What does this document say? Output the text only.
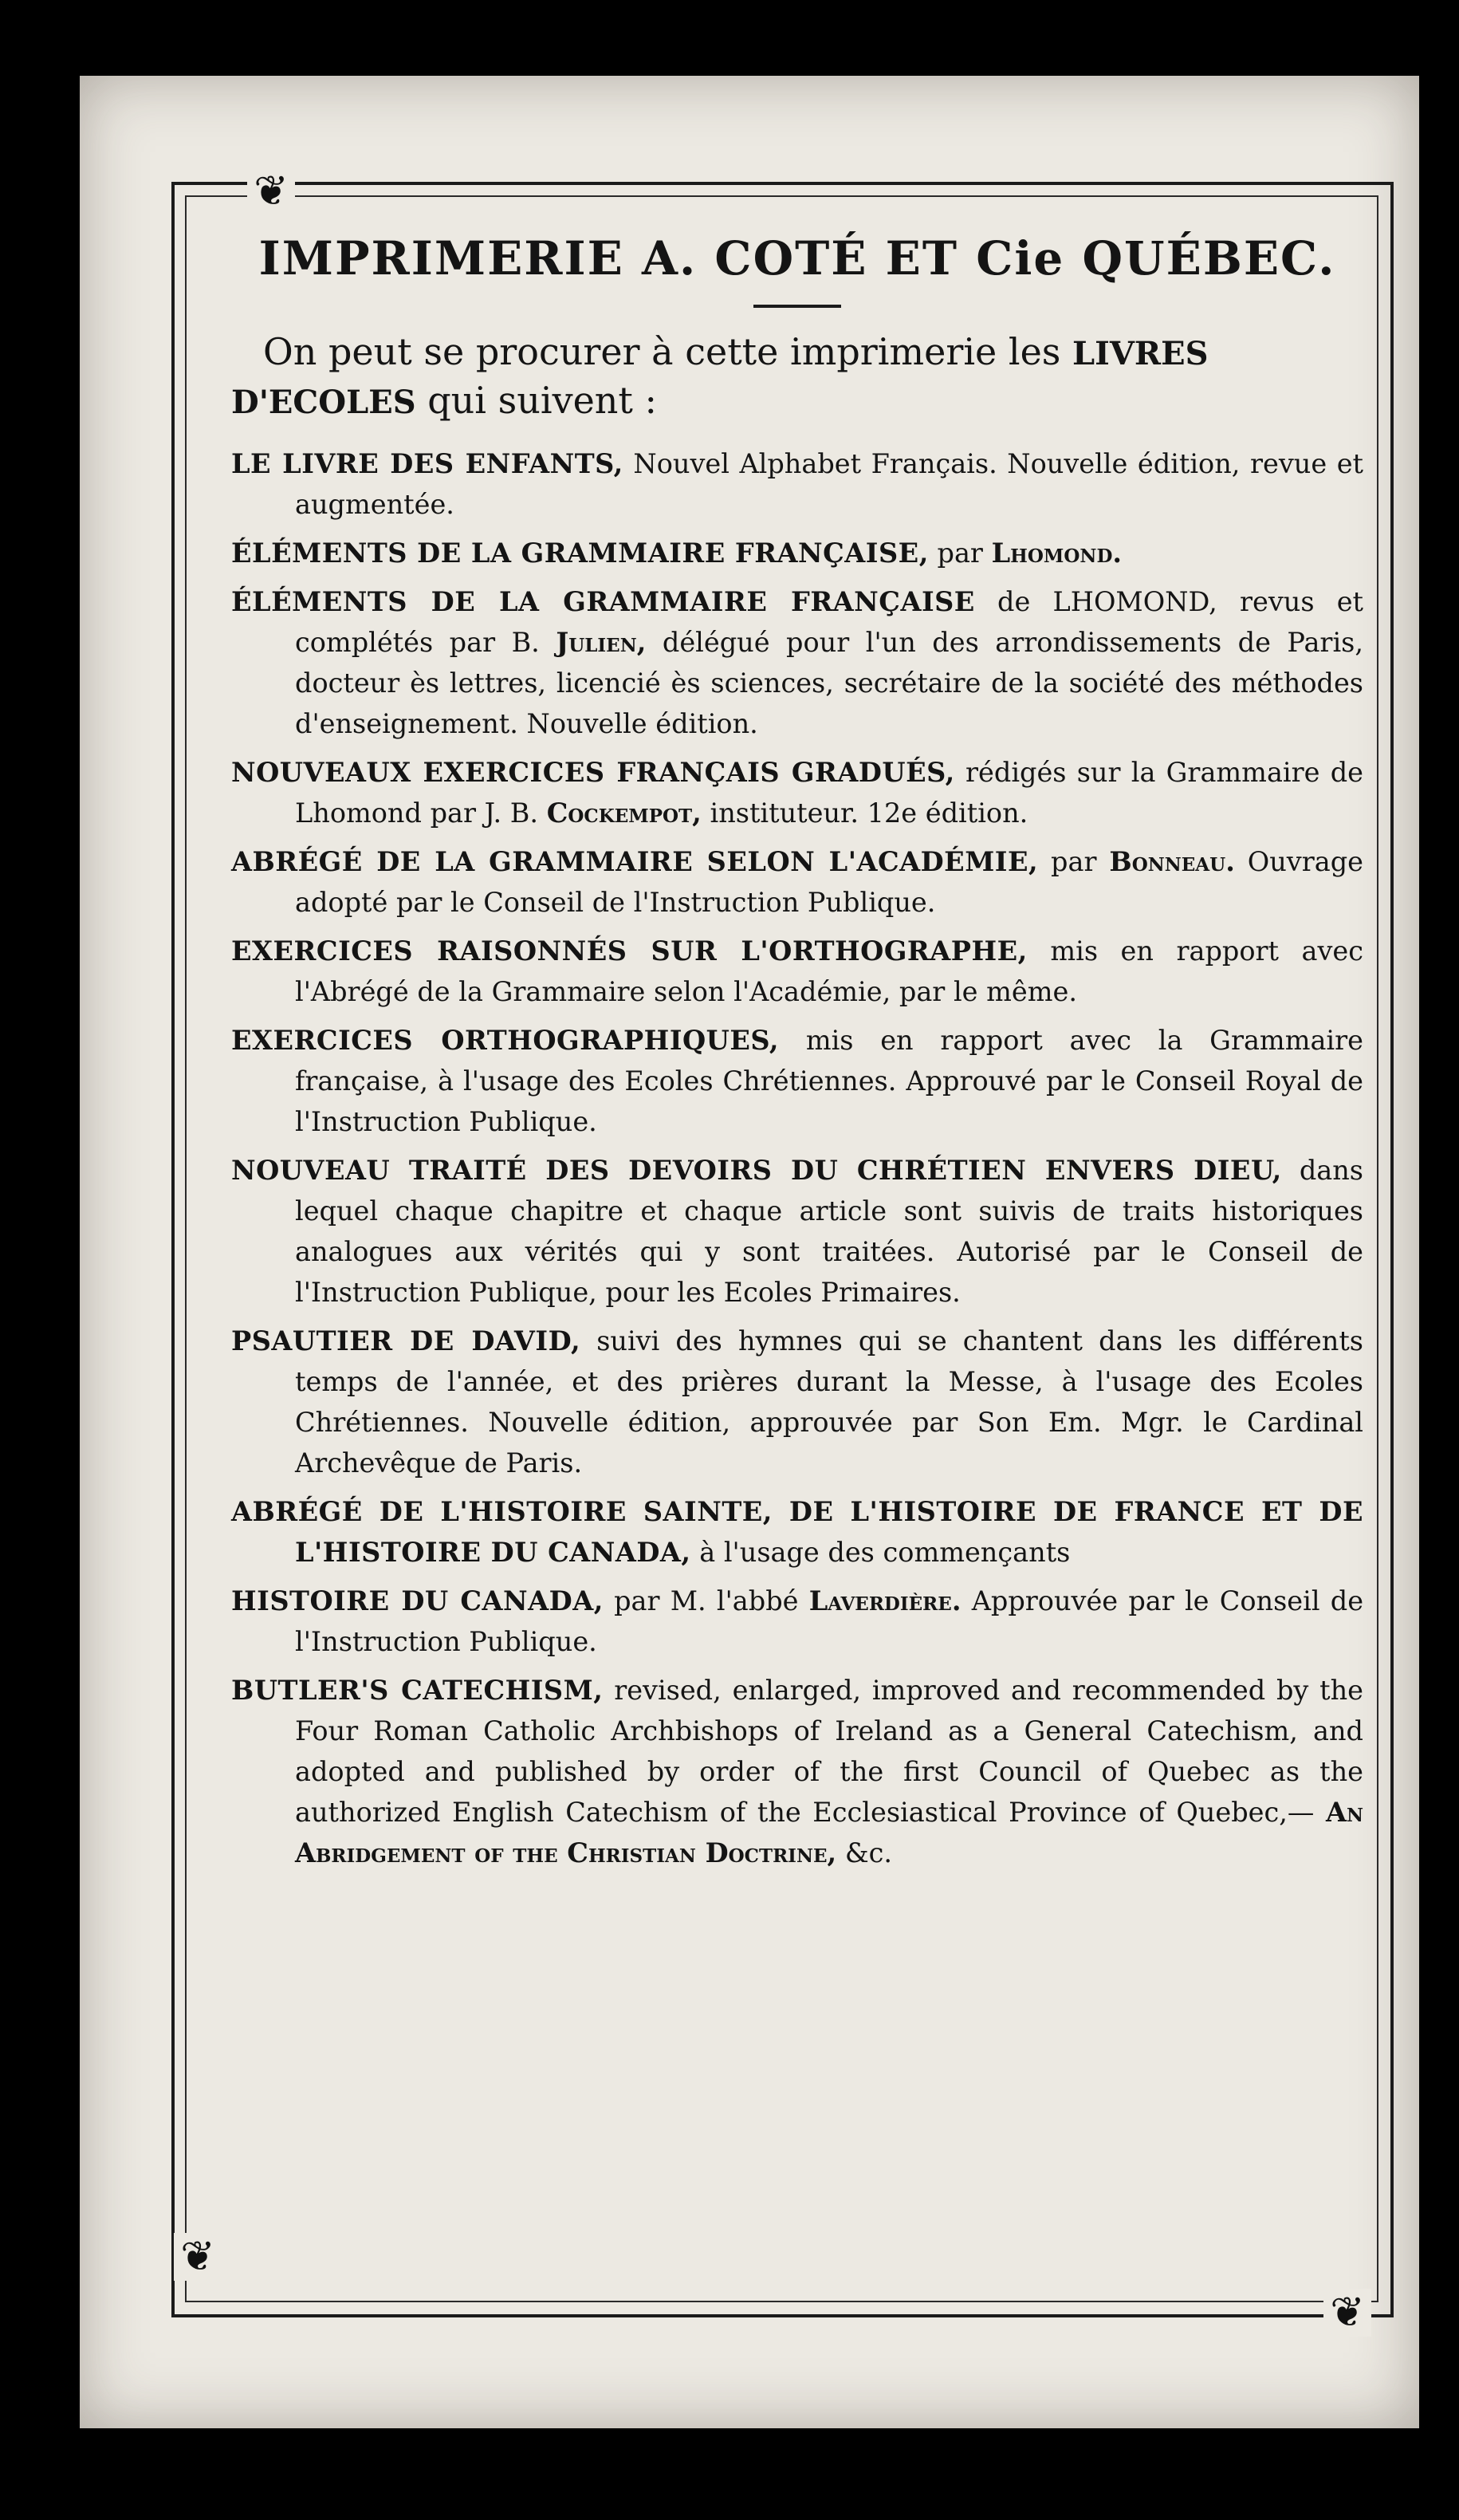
❦
❦
❦
IMPRIMERIE A. COTÉ ET Cie QUÉBEC.

On peut se procurer à cette imprimerie les LIVRES D'ECOLES qui suivent :

LE LIVRE DES ENFANTS, Nouvel Alphabet Français. Nouvelle édition, revue et augmentée.

ÉLÉMENTS DE LA GRAMMAIRE FRANÇAISE, par Lhomond.

ÉLÉMENTS DE LA GRAMMAIRE FRANÇAISE de LHOMOND, revus et complétés par B. Julien, délégué pour l'un des arrondissements de Paris, docteur ès lettres, licencié ès sciences, secrétaire de la société des méthodes d'enseignement. Nouvelle édition.

NOUVEAUX EXERCICES FRANÇAIS GRADUÉS, rédigés sur la Grammaire de Lhomond par J. B. Cockempot, instituteur. 12e édition.

ABRÉGÉ DE LA GRAMMAIRE SELON L'ACADÉMIE, par Bonneau. Ouvrage adopté par le Conseil de l'Instruction Publique.

EXERCICES RAISONNÉS SUR L'ORTHOGRAPHE, mis en rapport avec l'Abrégé de la Grammaire selon l'Académie, par le même.

EXERCICES ORTHOGRAPHIQUES, mis en rapport avec la Grammaire française, à l'usage des Ecoles Chrétiennes. Approuvé par le Conseil Royal de l'Instruction Publique.

NOUVEAU TRAITÉ DES DEVOIRS DU CHRÉTIEN ENVERS DIEU, dans lequel chaque chapitre et chaque article sont suivis de traits historiques analogues aux vérités qui y sont traitées. Autorisé par le Conseil de l'Instruction Publique, pour les Ecoles Primaires.

PSAUTIER DE DAVID, suivi des hymnes qui se chantent dans les différents temps de l'année, et des prières durant la Messe, à l'usage des Ecoles Chrétiennes. Nouvelle édition, approuvée par Son Em. Mgr. le Cardinal Archevêque de Paris.

ABRÉGÉ DE L'HISTOIRE SAINTE, DE L'HISTOIRE DE FRANCE ET DE L'HISTOIRE DU CANADA, à l'usage des commençants

HISTOIRE DU CANADA, par M. l'abbé Laverdière. Approuvée par le Conseil de l'Instruction Publique.

BUTLER'S CATECHISM, revised, enlarged, improved and recommended by the Four Roman Catholic Archbishops of Ireland as a General Catechism, and adopted and published by order of the first Council of Quebec as the authorized English Catechism of the Ecclesiastical Province of Quebec,— An Abridgement of the Christian Doctrine, &c.
